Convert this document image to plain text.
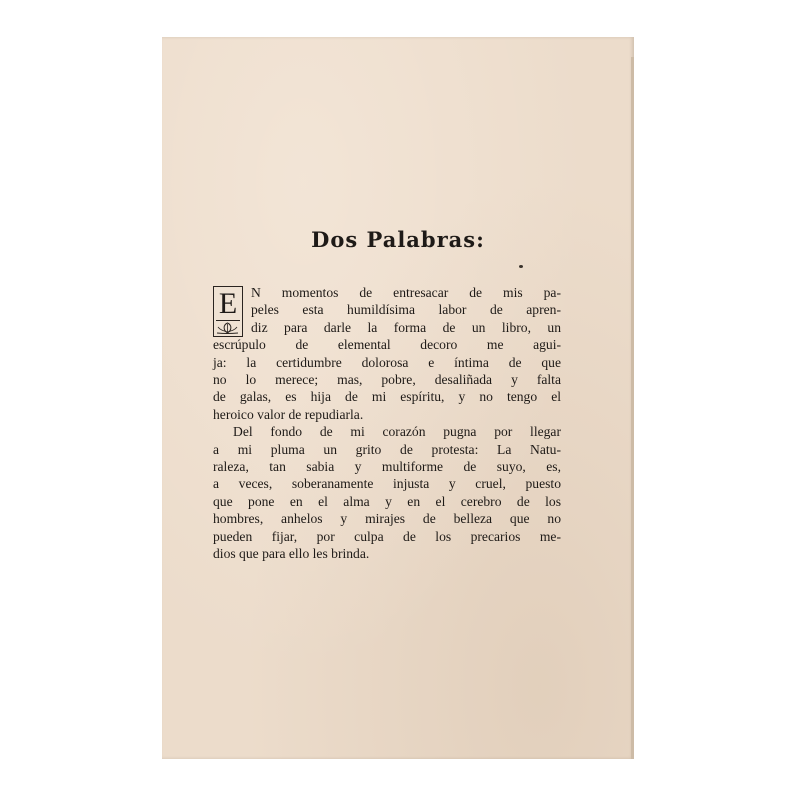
Dos Palabras:
E	N momentos de entresacar de mis pa-
peles esta humildísima labor de apren-
diz para darle la forma de un libro, un
escrúpulo de elemental decoro me agui-
ja: la certidumbre dolorosa e íntima de que
no lo merece; mas, pobre, desaliñada y falta
de galas, es hija de mi espíritu, y no tengo el
heroico valor de repudiarla.
Del fondo de mi corazón pugna por llegar
a mi pluma un grito de protesta: La Natu-
raleza, tan sabia y multiforme de suyo, es,
a veces, soberanamente injusta y cruel, puesto
que pone en el alma y en el cerebro de los
hombres, anhelos y mirajes de belleza que no
pueden fijar, por culpa de los precarios me-
dios que para ello les brinda.
